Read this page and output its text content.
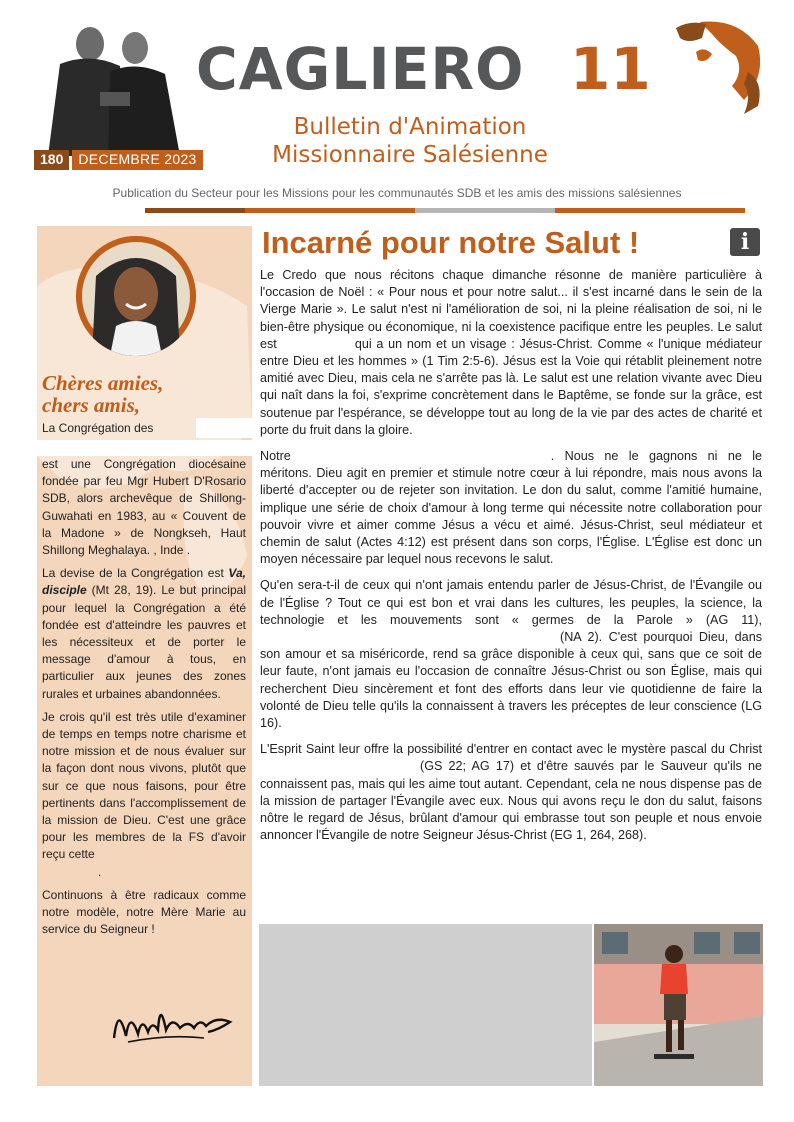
180	DECEMBRE 2023
CAGLIERO 11
Bulletin d'Animation
Missionnaire Salésienne
Publication du Secteur pour les Missions pour les communautés SDB et les amis des missions salésiennes
Chères amies,
chers amis,
La Congrégation des

est une Congrégation diocésaine fondée par feu Mgr Hubert D'Rosario SDB, alors archevêque de Shillong-Guwahati en 1983, au « Couvent de la Madone » de Nongkseh, Haut Shillong Meghalaya. , Inde .

La devise de la Congrégation est Va, disciple (Mt 28, 19). Le but principal pour lequel la Congrégation a été fondée est d'atteindre les pauvres et les nécessiteux et de porter le message d'amour à tous, en particulier aux jeunes des zones rurales et urbaines abandonnées.

Je crois qu'il est très utile d'examiner de temps en temps notre charisme et notre mission et de nous évaluer sur la façon dont nous vivons, plutôt que sur ce que nous faisons, pour être pertinents dans l'accomplissement de la mission de Dieu. C'est une grâce pour les membres de la FS d'avoir reçu cette
.

Continuons à être radicaux comme notre modèle, notre Mère Marie au service du Seigneur !

Incarné pour notre Salut !	i

Le Credo que nous récitons chaque dimanche résonne de manière particulière à l'occasion de Noël : « Pour nous et pour notre salut... il s'est incarné dans le sein de la Vierge Marie ». Le salut n'est ni l'amélioration de soi, ni la pleine réalisation de soi, ni le bien-être physique ou économique, ni la coexistence pacifique entre les peuples. Le salut est	qui a un nom et un visage : Jésus-Christ. Comme « l'unique médiateur entre Dieu et les hommes » (1 Tim 2:5-6). Jésus est la Voie qui rétablit pleinement notre amitié avec Dieu, mais cela ne s'arrête pas là. Le salut est une relation vivante avec Dieu qui naît dans la foi, s'exprime concrètement dans le Baptême, se fonde sur la grâce, est soutenue par l'espérance, se développe tout au long de la vie par des actes de charité et porte du fruit dans la gloire.

Notre	. Nous ne le gagnons ni ne le méritons. Dieu agit en premier et stimule notre cœur à lui répondre, mais nous avons la liberté d'accepter ou de rejeter son invitation. Le don du salut, comme l'amitié humaine, implique une série de choix d'amour à long terme qui nécessite notre collaboration pour pouvoir vivre et aimer comme Jésus a vécu et aimé. Jésus-Christ, seul médiateur et chemin de salut (Actes 4:12) est présent dans son corps, l'Église. L'Église est donc un moyen nécessaire par lequel nous recevons le salut.

Qu'en sera-t-il de ceux qui n'ont jamais entendu parler de Jésus-Christ, de l'Évangile ou de l'Église ? Tout ce qui est bon et vrai dans les cultures, les peuples, la science, la technologie et les mouvements sont « germes de la Parole » (AG 11),(NA 2). C'est pourquoi Dieu, dans son amour et sa miséricorde, rend sa grâce disponible à ceux qui, sans que ce soit de leur faute, n'ont jamais eu l'occasion de connaître Jésus-Christ ou son Église, mais qui recherchent Dieu sincèrement et font des efforts dans leur vie quotidienne de faire la volonté de Dieu telle qu'ils la connaissent à travers les préceptes de leur conscience (LG 16).

L'Esprit Saint leur offre la possibilité d'entrer en contact avec le mystère pascal du Christ(GS 22; AG 17) et d'être sauvés par le Sauveur qu'ils ne connaissent pas, mais qui les aime tout autant. Cependant, cela ne nous dispense pas de la mission de partager l'Évangile avec eux. Nous qui avons reçu le don du salut, faisons nôtre le regard de Jésus, brûlant d'amour qui embrasse tout son peuple et nous envoie annoncer l'Évangile de notre Seigneur Jésus-Christ (EG 1, 264, 268).
